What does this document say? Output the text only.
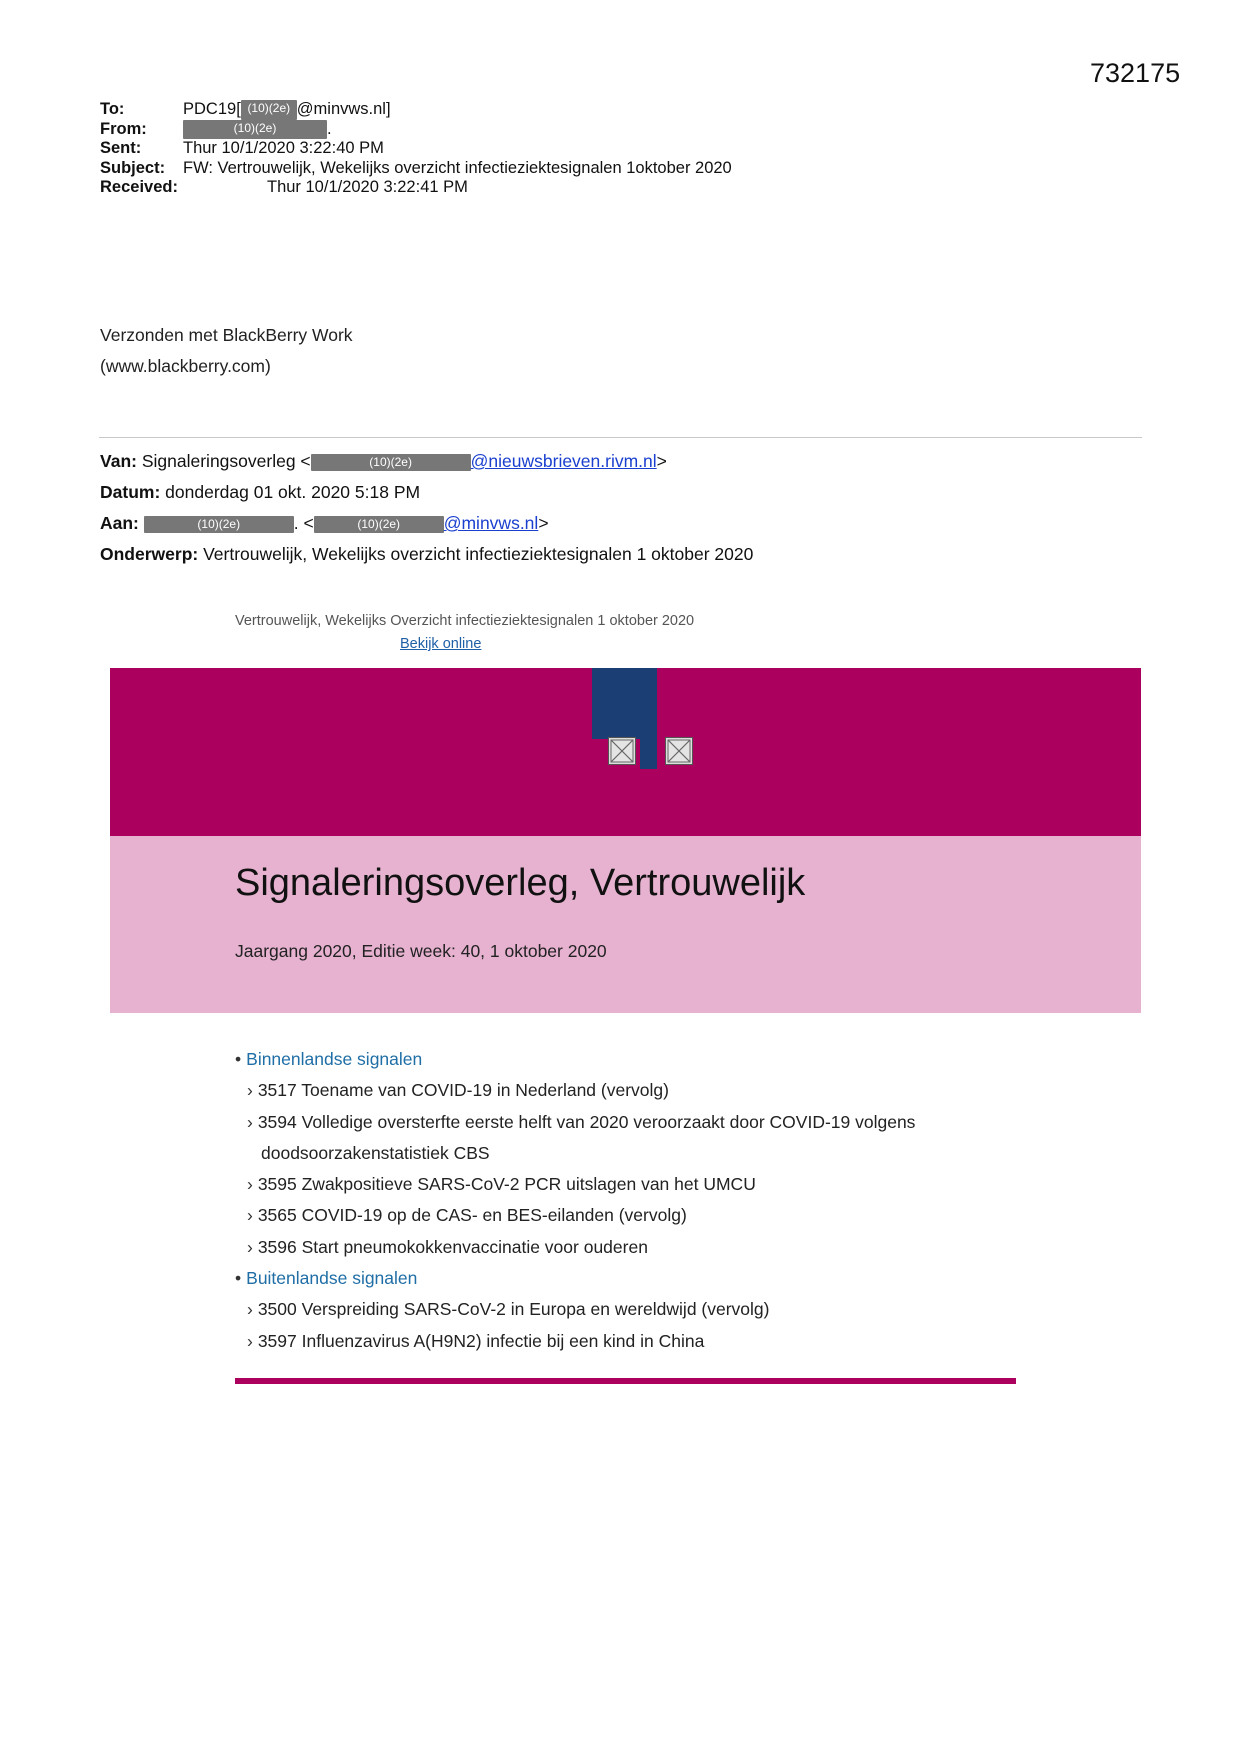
732175
To:	PDC19[ (10)(2e) @minvws.nl]
From:	(10)(2e)	.
Sent:	Thur 10/1/2020 3:22:40 PM
Subject:	FW: Vertrouwelijk, Wekelijks overzicht infectieziektesignalen 1oktober 2020
Received:	Thur 10/1/2020 3:22:41 PM
Verzonden met BlackBerry Work
(www.blackberry.com)
Van: Signaleringsoverleg <	(10)(2e)	@nieuwsbrieven.rivm.nl>
Datum: donderdag 01 okt. 2020 5:18 PM
Aan:	(10)(2e)	. <	(10)(2e) @minvws.nl>
Onderwerp: Vertrouwelijk, Wekelijks overzicht infectieziektesignalen 1 oktober 2020
Vertrouwelijk, Wekelijks Overzicht infectieziektesignalen 1 oktober 2020
Bekijk online
Signaleringsoverleg, Vertrouwelijk
Jaargang 2020, Editie week: 40, 1 oktober 2020
• Binnenlandse signalen
› 3517 Toename van COVID-19 in Nederland (vervolg)
› 3594 Volledige oversterfte eerste helft van 2020 veroorzaakt door COVID-19 volgens
doodsoorzakenstatistiek CBS
› 3595 Zwakpositieve SARS-CoV-2 PCR uitslagen van het UMCU
› 3565 COVID-19 op de CAS- en BES-eilanden (vervolg)
› 3596 Start pneumokokkenvaccinatie voor ouderen
• Buitenlandse signalen
› 3500 Verspreiding SARS-CoV-2 in Europa en wereldwijd (vervolg)
› 3597 Influenzavirus A(H9N2) infectie bij een kind in China
